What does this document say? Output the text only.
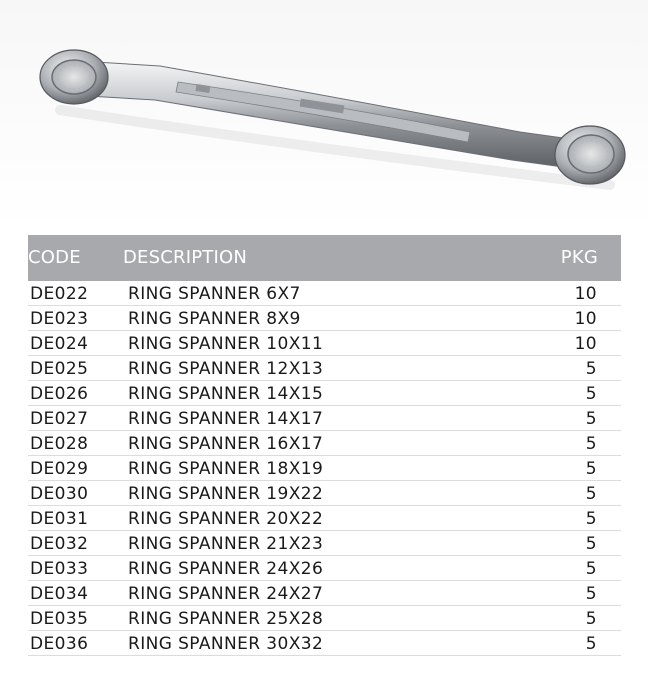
CODE DESCRIPTION	PKG
DE022 RING SPANNER 6X7	10
DE023 RING SPANNER 8X9	10
DE024 RING SPANNER 10X11	10
DE025 RING SPANNER 12X13	5
DE026 RING SPANNER 14X15	5
DE027 RING SPANNER 14X17	5
DE028 RING SPANNER 16X17	5
DE029 RING SPANNER 18X19	5
DE030 RING SPANNER 19X22	5
DE031 RING SPANNER 20X22	5
DE032 RING SPANNER 21X23	5
DE033 RING SPANNER 24X26	5
DE034 RING SPANNER 24X27	5
DE035 RING SPANNER 25X28	5
DE036 RING SPANNER 30X32	5
